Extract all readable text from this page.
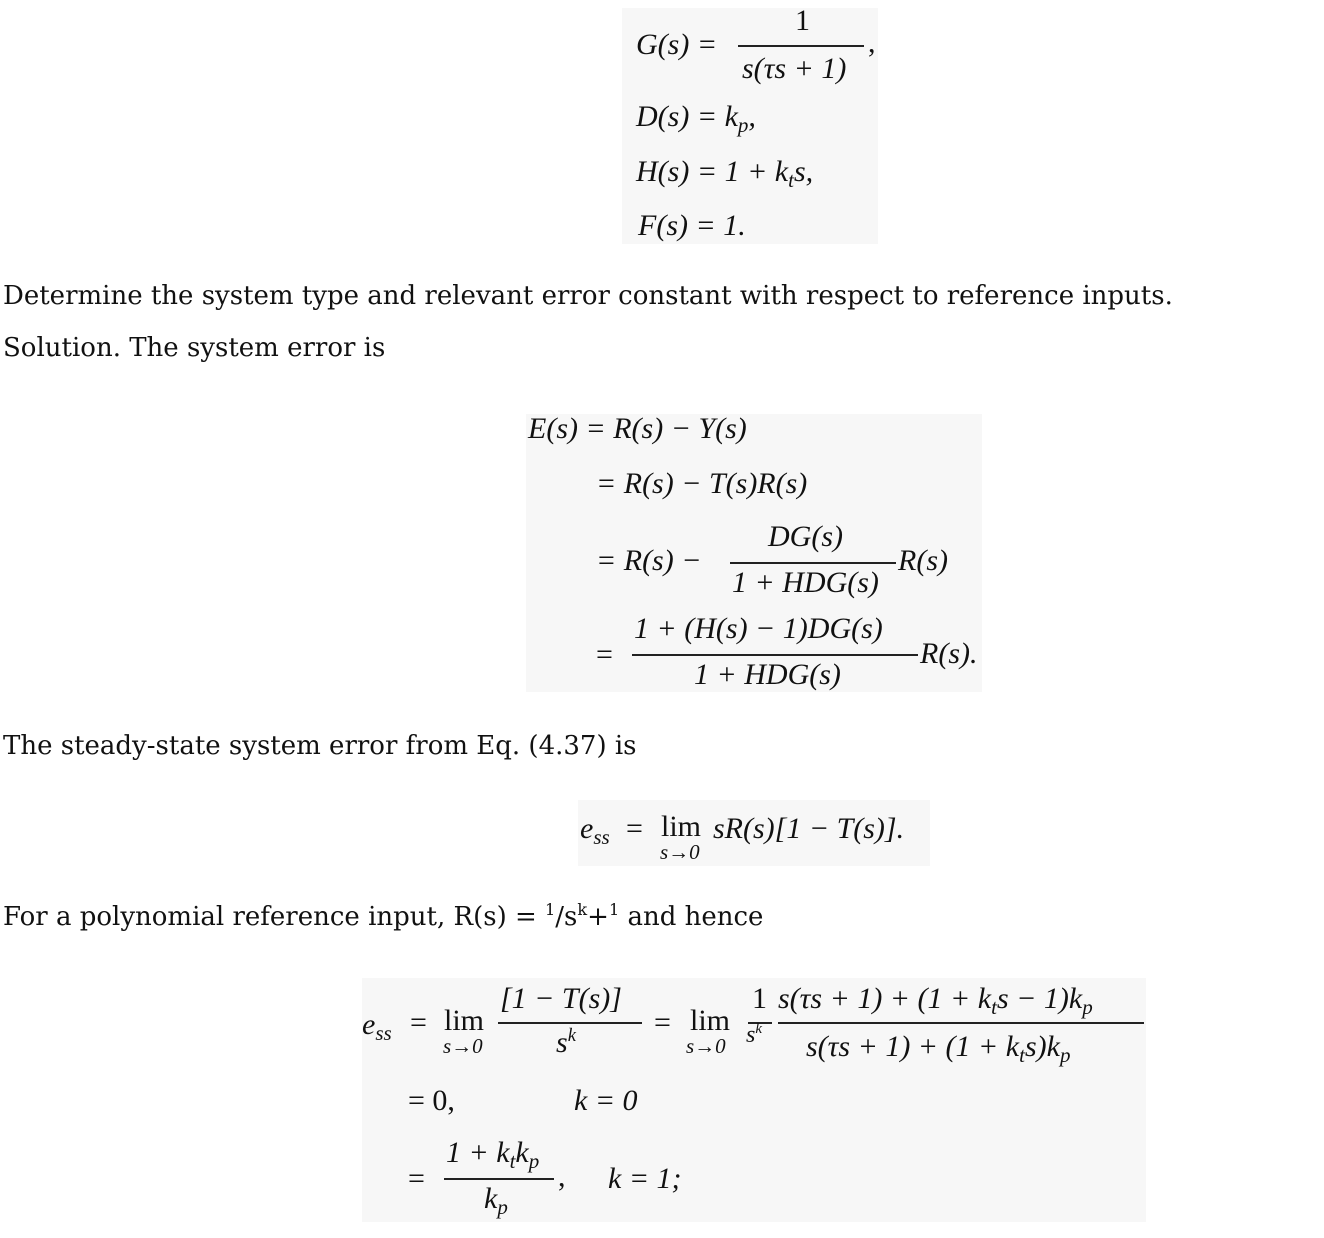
G(s) =
1
s(τs + 1)
,
$D(s) = k_p$,
$H(s) = 1 + k_ts$,
F(s) = 1.
Determine the system type and relevant error constant with respect to reference inputs.
Solution. The system error is
E(s) = R(s) − Y(s)
= R(s) − T(s)R(s)
= R(s) −
DG(s)
1 + HDG(s)
R(s)
=
1 + (H(s) − 1)DG(s)
1 + HDG(s)
R(s).
The steady-state system error from Eq. (4.37) is
$e_{ss} = \lim$
s→0
sR(s)[1 − T(s)].
For a polynomial reference input, $R(s) = ^1/s^k+^1$ and hence
$e_{ss} = \lim$
s→0
[1 − T(s)]
$s^k$	= lim
s→0
1
$s^k$
$s(\tau s + 1) + (1 + k_ts - 1)k_p$
$s(\tau s + 1) + (1 + k_ts)k_p$
= 0,	k = 0
=
$1 + k_tk_p$
$k_p$
, k = 1;
